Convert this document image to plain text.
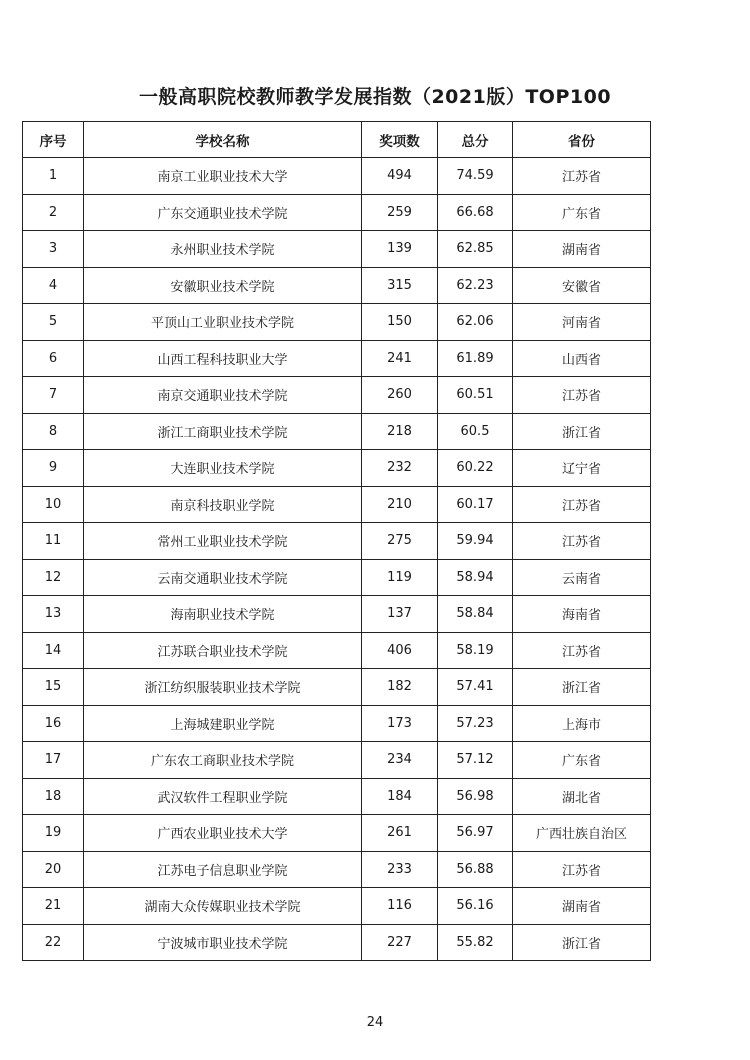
一般高职院校教师教学发展指数（2021版）TOP100
序号	学校名称	奖项数	总分	省份
1	南京工业职业技术大学	494	74.59	江苏省
2	广东交通职业技术学院	259	66.68	广东省
3	永州职业技术学院	139	62.85	湖南省
4	安徽职业技术学院	315	62.23	安徽省
5	平顶山工业职业技术学院	150	62.06	河南省
6	山西工程科技职业大学	241	61.89	山西省
7	南京交通职业技术学院	260	60.51	江苏省
8	浙江工商职业技术学院	218	60.5	浙江省
9	大连职业技术学院	232	60.22	辽宁省
10	南京科技职业学院	210	60.17	江苏省
11	常州工业职业技术学院	275	59.94	江苏省
12	云南交通职业技术学院	119	58.94	云南省
13	海南职业技术学院	137	58.84	海南省
14	江苏联合职业技术学院	406	58.19	江苏省
15	浙江纺织服装职业技术学院	182	57.41	浙江省
16	上海城建职业学院	173	57.23	上海市
17	广东农工商职业技术学院	234	57.12	广东省
18	武汉软件工程职业学院	184	56.98	湖北省
19	广西农业职业技术大学	261	56.97	广西壮族自治区
20	江苏电子信息职业学院	233	56.88	江苏省
21	湖南大众传媒职业技术学院	116	56.16	湖南省
22	宁波城市职业技术学院	227	55.82	浙江省
24
